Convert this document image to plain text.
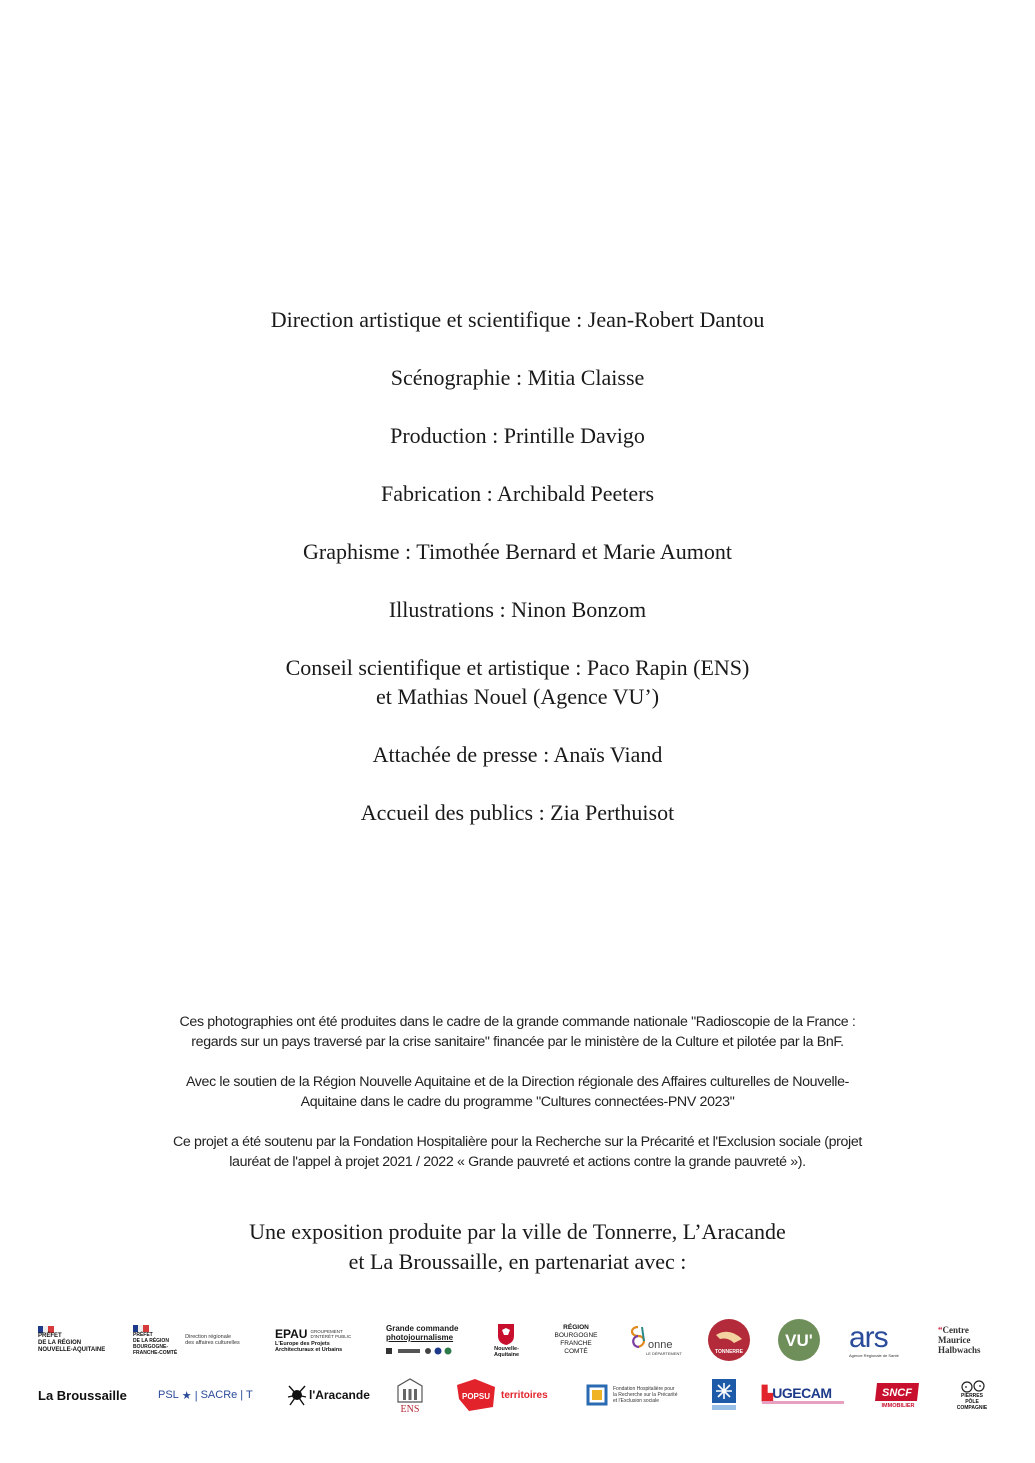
Direction artistique et scientifique : Jean-Robert Dantou
Scénographie : Mitia Claisse
Production : Printille Davigo
Fabrication : Archibald Peeters
Graphisme : Timothée Bernard et Marie Aumont
Illustrations : Ninon Bonzom
Conseil scientifique et artistique : Paco Rapin (ENS)
et Mathias Nouel (Agence VU’)
Attachée de presse : Anaïs Viand
Accueil des publics : Zia Perthuisot
Ces photographies ont été produites dans le cadre de la grande commande nationale "Radioscopie de la France :
regards sur un pays traversé par la crise sanitaire" financée par le ministère de la Culture et pilotée par la BnF.
Avec le soutien de la Région Nouvelle Aquitaine et de la Direction régionale des Affaires culturelles de Nouvelle-
Aquitaine dans le cadre du programme "Cultures connectées-PNV 2023"
Ce projet a été soutenu par la Fondation Hospitalière pour la Recherche sur la Précarité et l'Exclusion sociale (projet
lauréat de l'appel à projet 2021 / 2022 « Grande pauvreté et actions contre la grande pauvreté »).
Une exposition produite par la ville de Tonnerre, L’Aracande
et La Broussaille, en partenariat avec :
PRÉFET
DE LA RÉGION
NOUVELLE-AQUITAINE
PRÉFET
DE LA RÉGION
BOURGOGNE-
FRANCHE-COMTÉ
Direction régionale
des affaires culturelles
EPAU GROUPEMENT
D'INTÉRÊT PUBLIC
L'Europe des Projets
Architecturaux et Urbains
Grande commande
photojournalisme
Nouvelle-
Aquitaine
RÉGION
BOURGOGNE
FRANCHE
COMTÉ
onne
LE DÉPARTEMENT	TONNERRE
VU' ars
Agence Régionale de Santé
“Centre
Maurice
Halbwachs
La Broussaille	PSL ★ | SACRe | T	l'Aracande
ENS
POPSU territoires
Fondation Hospitalière pour
la Recherche sur la Précarité
et l'Exclusion sociale
▙UGECAM	SNCF
IMMOBILIER
PIERRES
PÔLE
COMPAGNIE
